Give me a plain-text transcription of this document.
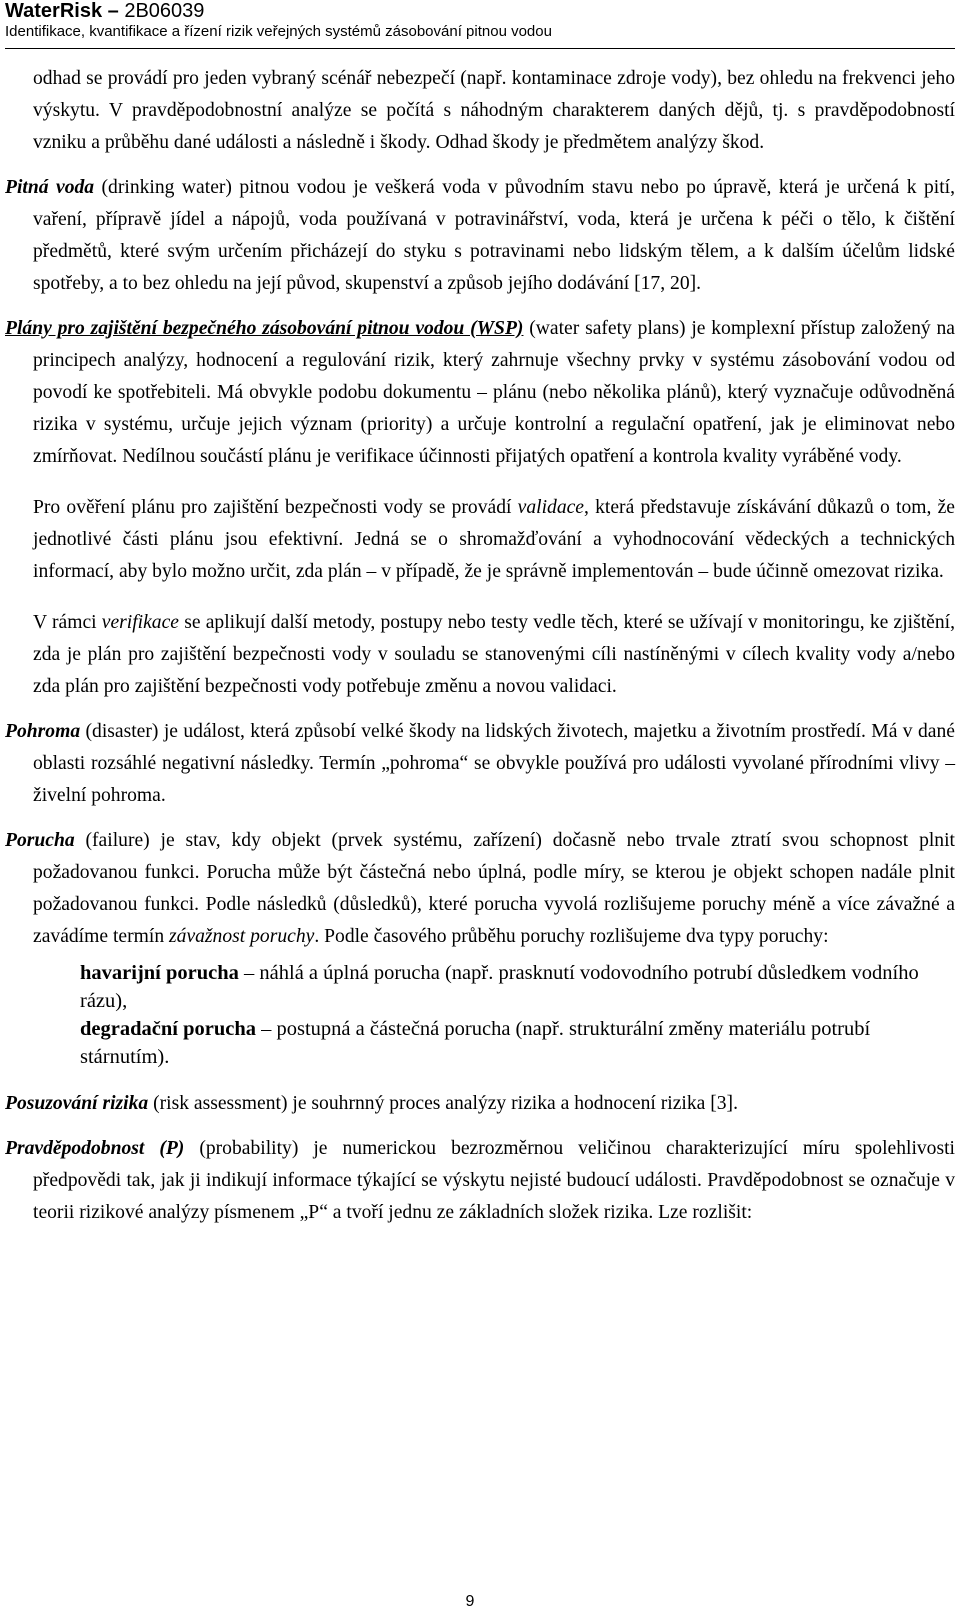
WaterRisk – 2B06039

Identifikace, kvantifikace a řízení rizik veřejných systémů zásobování pitnou vodou

odhad se provádí pro jeden vybraný scénář nebezpečí (např. kontaminace zdroje vody), bez ohledu na frekvenci jeho výskytu. V pravděpodobnostní analýze se počítá s náhodným charakterem daných dějů, tj. s pravděpodobností vzniku a průběhu dané události a následně i škody. Odhad škody je předmětem analýzy škod.

Pitná voda (drinking water) pitnou vodou je veškerá voda v původním stavu nebo po úpravě, která je určená k pití, vaření, přípravě jídel a nápojů, voda používaná v potravinářství, voda, která je určena k péči o tělo, k čištění předmětů, které svým určením přicházejí do styku s potravinami nebo lidským tělem, a k dalším účelům lidské spotřeby, a to bez ohledu na její původ, skupenství a způsob jejího dodávání [17, 20].

Plány pro zajištění bezpečného zásobování pitnou vodou (WSP) (water safety plans) je komplexní přístup založený na principech analýzy, hodnocení a regulování rizik, který zahrnuje všechny prvky v systému zásobování vodou od povodí ke spotřebiteli. Má obvykle podobu dokumentu – plánu (nebo několika plánů), který vyznačuje odůvodněná rizika v systému, určuje jejich význam (priority) a určuje kontrolní a regulační opatření, jak je eliminovat nebo zmírňovat. Nedílnou součástí plánu je verifikace účinnosti přijatých opatření a kontrola kvality vyráběné vody.

Pro ověření plánu pro zajištění bezpečnosti vody se provádí validace, která představuje získávání důkazů o tom, že jednotlivé části plánu jsou efektivní. Jedná se o shromažďování a vyhodnocování vědeckých a technických informací, aby bylo možno určit, zda plán – v případě, že je správně implementován – bude účinně omezovat rizika.

V rámci verifikace se aplikují další metody, postupy nebo testy vedle těch, které se užívají v monitoringu, ke zjištění, zda je plán pro zajištění bezpečnosti vody v souladu se stanovenými cíli nastíněnými v cílech kvality vody a/nebo zda plán pro zajištění bezpečnosti vody potřebuje změnu a novou validaci.

Pohroma (disaster) je událost, která způsobí velké škody na lidských životech, majetku a životním prostředí. Má v dané oblasti rozsáhlé negativní následky. Termín „pohroma“ se obvykle používá pro události vyvolané přírodními vlivy – živelní pohroma.

Porucha (failure) je stav, kdy objekt (prvek systému, zařízení) dočasně nebo trvale ztratí svou schopnost plnit požadovanou funkci. Porucha může být částečná nebo úplná, podle míry, se kterou je objekt schopen nadále plnit požadovanou funkci. Podle následků (důsledků), které porucha vyvolá rozlišujeme poruchy méně a více závažné a zavádíme termín závažnost poruchy. Podle časového průběhu poruchy rozlišujeme dva typy poruchy:

havarijní porucha – náhlá a úplná porucha (např. prasknutí vodovodního potrubí důsledkem vodního rázu),

degradační porucha – postupná a částečná porucha (např. strukturální změny materiálu potrubí stárnutím).

Posuzování rizika (risk assessment) je souhrnný proces analýzy rizika a hodnocení rizika [3].

Pravděpodobnost (P) (probability) je numerickou bezrozměrnou veličinou charakterizující míru spolehlivosti předpovědi tak, jak ji indikují informace týkající se výskytu nejisté budoucí události. Pravděpodobnost se označuje v teorii rizikové analýzy písmenem „P“ a tvoří jednu ze základních složek rizika. Lze rozlišit:

9
